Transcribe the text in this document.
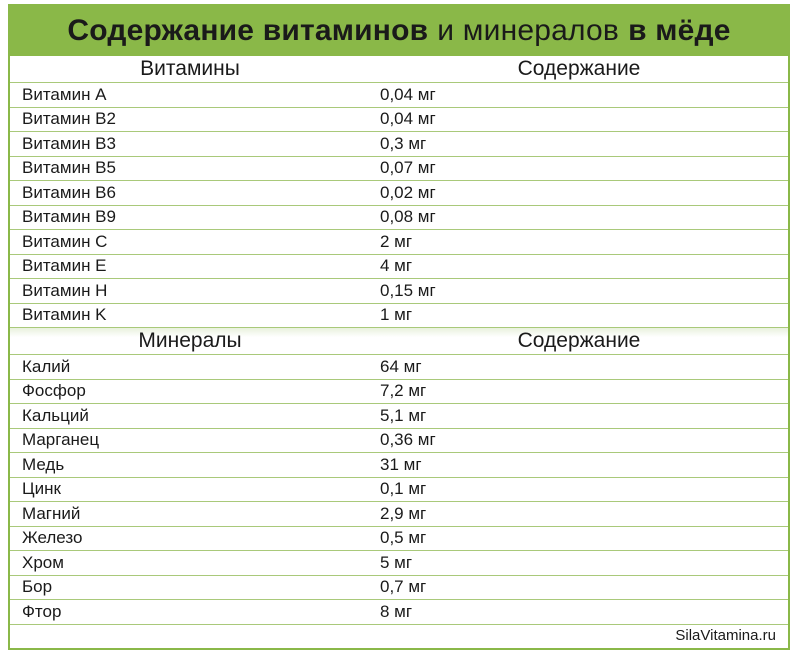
Содержание витаминов и минералов в мёде
Витамины	Содержание
Витамин A	0,04 мг
Витамин B2	0,04 мг
Витамин B3	0,3 мг
Витамин B5	0,07 мг
Витамин B6	0,02 мг
Витамин B9	0,08 мг
Витамин C	2 мг
Витамин E	4 мг
Витамин H	0,15 мг
Витамин K	1 мг
Минералы	Содержание
Калий	64 мг
Фосфор	7,2 мг
Кальций	5,1 мг
Марганец	0,36 мг
Медь	31 мг
Цинк	0,1 мг
Магний	2,9 мг
Железо	0,5 мг
Хром	5 мг
Бор	0,7 мг
Фтор	8 мг
SilaVitamina.ru
